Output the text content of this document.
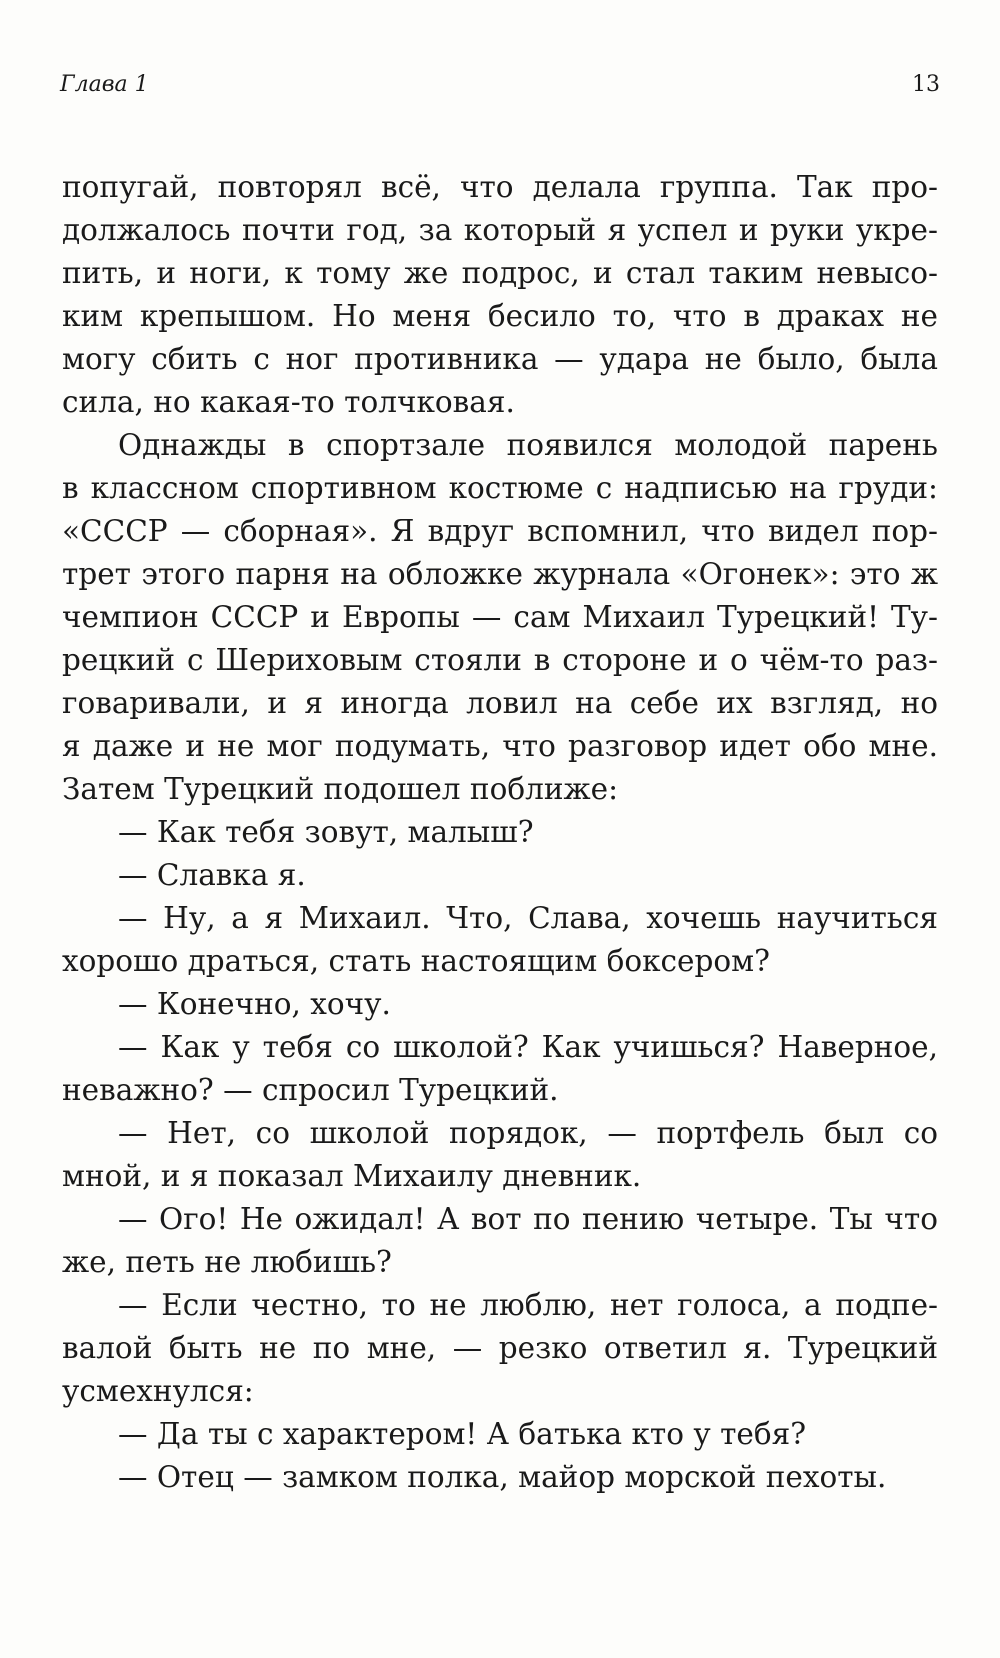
Глава 1	13
попугай, повторял всё, что делала группа. Так про-
должалось почти год, за который я успел и руки укре-
пить, и ноги, к тому же подрос, и стал таким невысо-
ким крепышом. Но меня бесило то, что в драках не
могу сбить с ног противника — удара не было, была
сила, но какая-то толчковая.
Однажды в спортзале появился молодой парень
в классном спортивном костюме с надписью на груди:
«СССР — сборная». Я вдруг вспомнил, что видел пор-
трет этого парня на обложке журнала «Огонек»: это ж
чемпион СССР и Европы — сам Михаил Турецкий! Ту-
рецкий с Шериховым стояли в стороне и о чём-то раз-
говаривали, и я иногда ловил на себе их взгляд, но
я даже и не мог подумать, что разговор идет обо мне.
Затем Турецкий подошел поближе:
— Как тебя зовут, малыш?
— Славка я.
— Ну, а я Михаил. Что, Слава, хочешь научиться
хорошо драться, стать настоящим боксером?
— Конечно, хочу.
— Как у тебя со школой? Как учишься? Наверное,
неважно? — спросил Турецкий.
— Нет, со школой порядок, — портфель был со
мной, и я показал Михаилу дневник.
— Ого! Не ожидал! А вот по пению четыре. Ты что
же, петь не любишь?
— Если честно, то не люблю, нет голоса, а подпе-
валой быть не по мне, — резко ответил я. Турецкий
усмехнулся:
— Да ты с характером! А батька кто у тебя?
— Отец — замком полка, майор морской пехоты.
